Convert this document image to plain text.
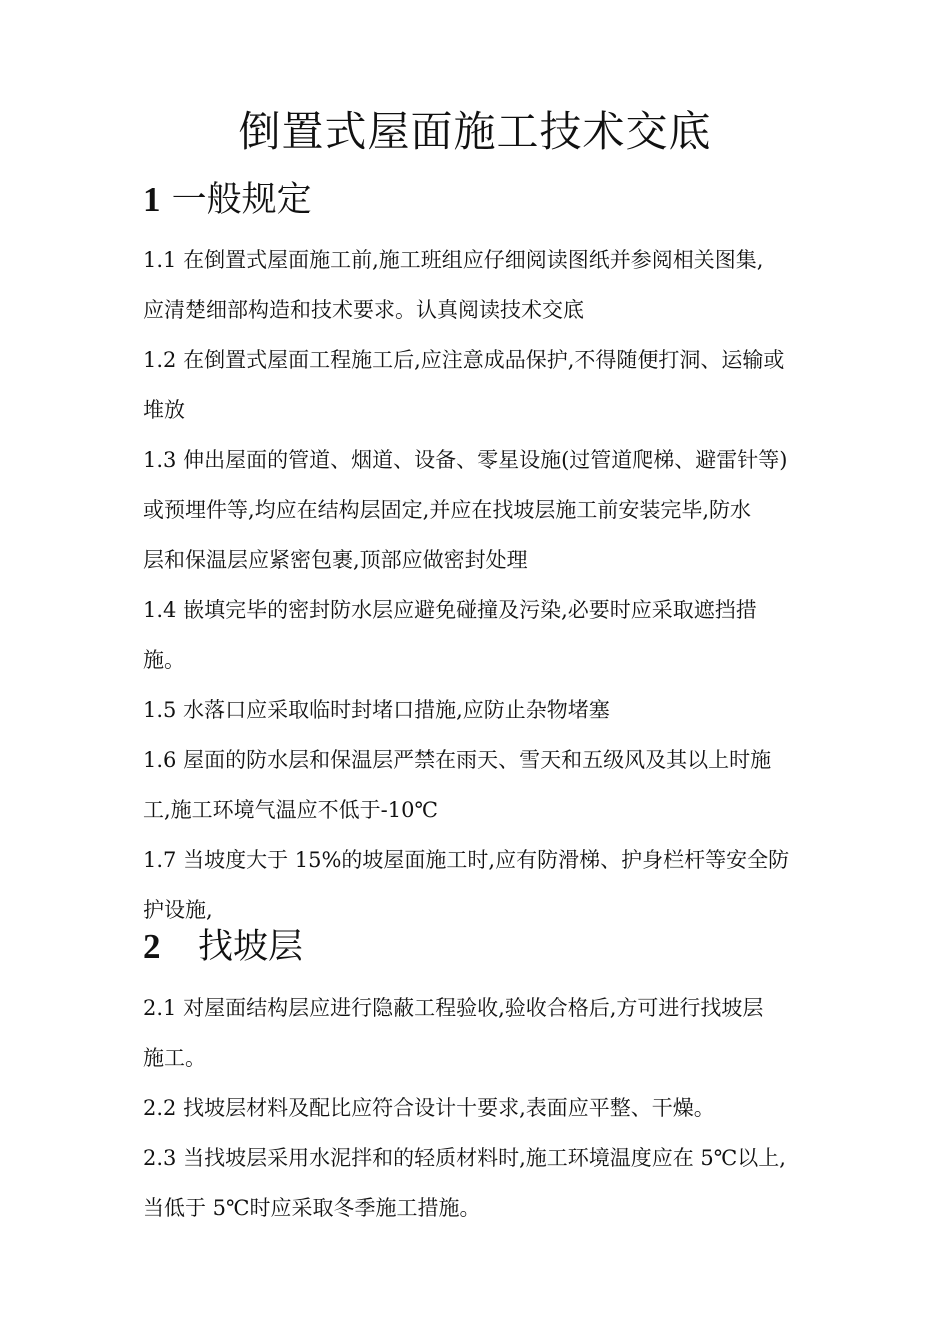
倒置式屋面施工技术交底
1 一般规定
1.1 在倒置式屋面施工前,施工班组应仔细阅读图纸并参阅相关图集,
应清楚细部构造和技术要求。认真阅读技术交底
1.2 在倒置式屋面工程施工后,应注意成品保护,不得随便打洞、运输或
堆放
1.3 伸出屋面的管道、烟道、设备、零星设施(过管道爬梯、避雷针等)
或预埋件等,均应在结构层固定,并应在找坡层施工前安装完毕,防水
层和保温层应紧密包裹,顶部应做密封处理
1.4 嵌填完毕的密封防水层应避免碰撞及污染,必要时应采取遮挡措
施。
1.5 水落口应采取临时封堵口措施,应防止杂物堵塞
1.6 屋面的防水层和保温层严禁在雨天、雪天和五级风及其以上时施
工,施工环境气温应不低于-10℃
1.7 当坡度大于 15%的坡屋面施工时,应有防滑梯、护身栏杆等安全防
护设施,
2 找坡层
2.1 对屋面结构层应进行隐蔽工程验收,验收合格后,方可进行找坡层
施工。
2.2 找坡层材料及配比应符合设计十要求,表面应平整、干燥。
2.3 当找坡层采用水泥拌和的轻质材料时,施工环境温度应在 5℃以上,
当低于 5℃时应采取冬季施工措施。
